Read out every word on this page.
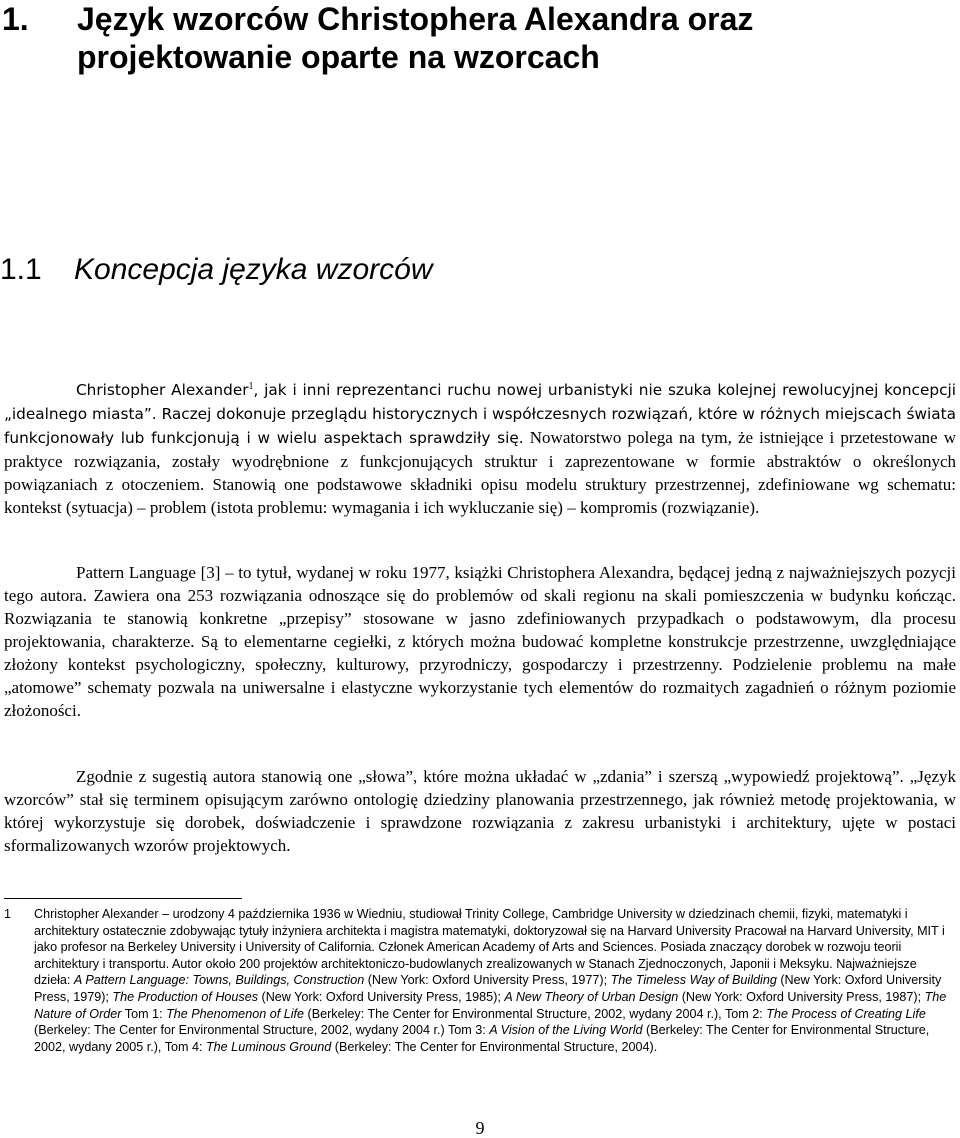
1. Język wzorców Christophera Alexandra oraz projektowanie oparte na wzorcach
1.1 Koncepcja języka wzorców

Christopher Alexander$^1$, jak i inni reprezentanci ruchu nowej urbanistyki nie szuka kolejnej rewolucyjnej koncepcji „idealnego miasta”. Raczej dokonuje przeglądu historycznych i współczesnych rozwiązań, które w różnych miejscach świata funkcjonowały lub funkcjonują i w wielu aspektach sprawdziły się. Nowatorstwo polega na tym, że istniejące i przetestowane w praktyce rozwiązania, zostały wyodrębnione z funkcjonujących struktur i zaprezentowane w formie abstraktów o określonych powiązaniach z otoczeniem. Stanowią one podstawowe składniki opisu modelu struktury przestrzennej, zdefiniowane wg schematu: kontekst (sytuacja) – problem (istota problemu: wymagania i ich wykluczanie się) – kompromis (rozwiązanie).

Pattern Language [3] – to tytuł, wydanej w roku 1977, książki Christophera Alexandra, będącej jedną z najważniejszych pozycji tego autora. Zawiera ona 253 rozwiązania odnoszące się do problemów od skali regionu na skali pomieszczenia w budynku kończąc. Rozwiązania te stanowią konkretne „przepisy” stosowane w jasno zdefiniowanych przypadkach o podstawowym, dla procesu projektowania, charakterze. Są to elementarne cegiełki, z których można budować kompletne konstrukcje przestrzenne, uwzględniające złożony kontekst psychologiczny, społeczny, kulturowy, przyrodniczy, gospodarczy i przestrzenny. Podzielenie problemu na małe „atomowe” schematy pozwala na uniwersalne i elastyczne wykorzystanie tych elementów do rozmaitych zagadnień o różnym poziomie złożoności.

Zgodnie z sugestią autora stanowią one „słowa”, które można układać w „zdania” i szerszą „wypowiedź projektową”. „Język wzorców” stał się terminem opisującym zarówno ontologię dziedziny planowania przestrzennego, jak również metodę projektowania, w której wykorzystuje się dorobek, doświadczenie i sprawdzone rozwiązania z zakresu urbanistyki i architektury, ujęte w postaci sformalizowanych wzorów projektowych.

1 Christopher Alexander – urodzony 4 października 1936 w Wiedniu, studiował Trinity College, Cambridge University w dziedzinach chemii, fizyki, matematyki i architektury ostatecznie zdobywając tytuły inżyniera architekta i magistra matematyki, doktoryzował się na Harvard University Pracował na Harvard University, MIT i jako profesor na Berkeley University i University of California. Członek American Academy of Arts and Sciences. Posiada znaczący dorobek w rozwoju teorii architektury i transportu. Autor około 200 projektów architektoniczo-budowlanych zrealizowanych w Stanach Zjednoczonych, Japonii i Meksyku. Najważniejsze dzieła: A Pattern Language: Towns, Buildings, Construction (New York: Oxford University Press, 1977); The Timeless Way of Building (New York: Oxford University Press, 1979); The Production of Houses (New York: Oxford University Press, 1985); A New Theory of Urban Design (New York: Oxford University Press, 1987); The Nature of Order Tom 1: The Phenomenon of Life (Berkeley: The Center for Environmental Structure, 2002, wydany 2004 r.), Tom 2: The Process of Creating Life (Berkeley: The Center for Environmental Structure, 2002, wydany 2004 r.) Tom 3: A Vision of the Living World (Berkeley: The Center for Environmental Structure, 2002, wydany 2005 r.), Tom 4: The Luminous Ground (Berkeley: The Center for Environmental Structure, 2004).
9
